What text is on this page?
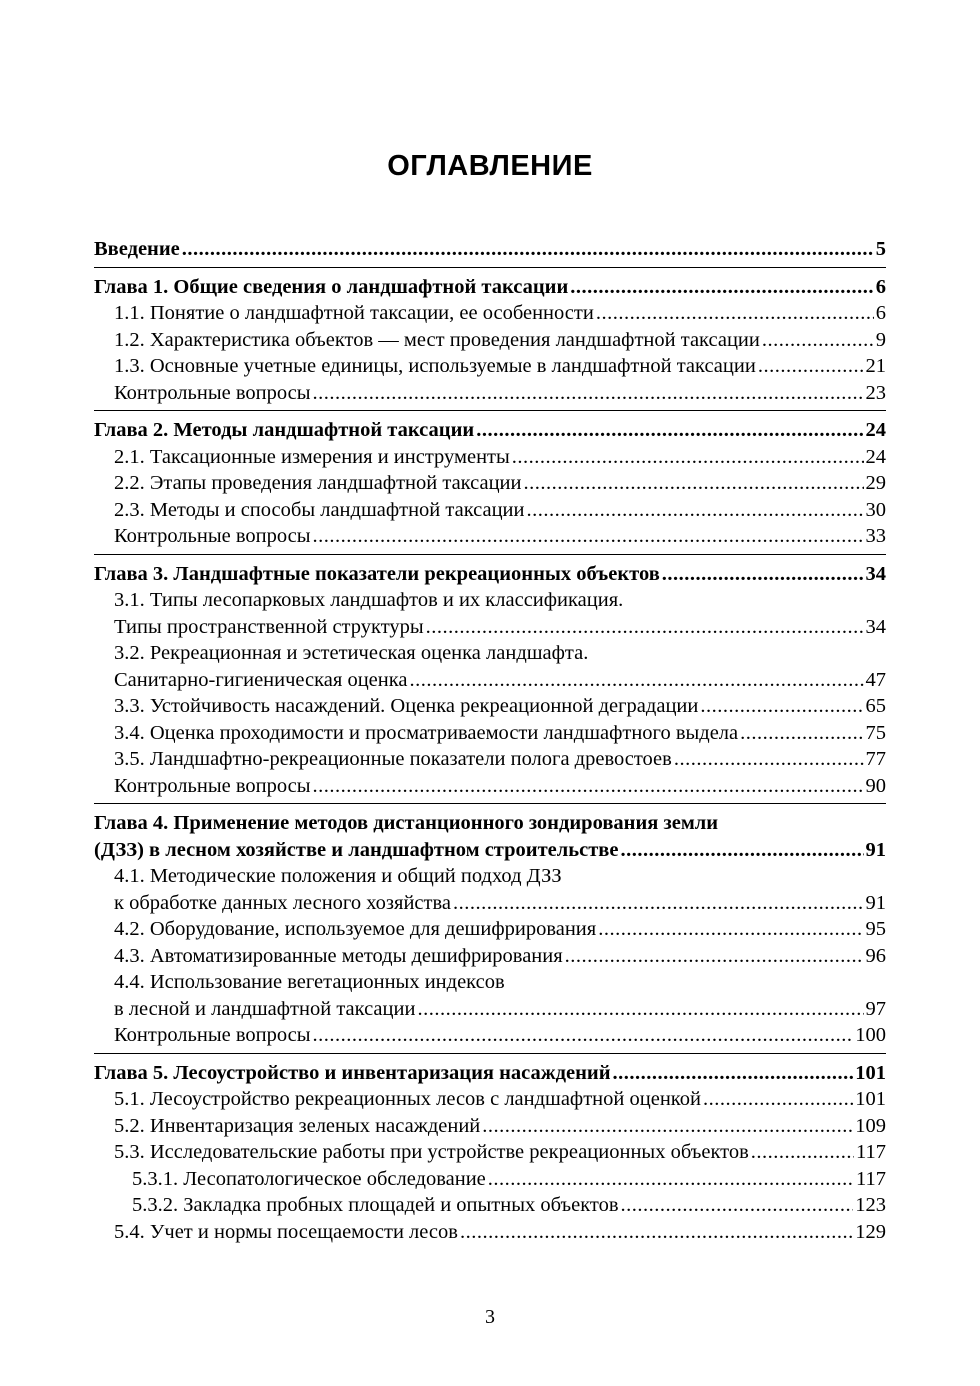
ОГЛАВЛЕНИЕ
Введение .....	5
Глава 1. Общие сведения о ландшафтной таксации .....	6
1.1. Понятие о ландшафтной таксации, ее особенности .....	6
1.2. Характеристика объектов — мест проведения ландшафтной таксации .....	9
1.3. Основные учетные единицы, используемые в ландшафтной таксации .....	21
Контрольные вопросы .....	23
Глава 2. Методы ландшафтной таксации .....	24
2.1. Таксационные измерения и инструменты .....	24
2.2. Этапы проведения ландшафтной таксации .....	29
2.3. Методы и способы ландшафтной таксации .....	30
Контрольные вопросы .....	33
Глава 3. Ландшафтные показатели рекреационных объектов .....	34
3.1. Типы лесопарковых ландшафтов и их классификация.
Типы пространственной структуры .....	34
3.2. Рекреационная и эстетическая оценка ландшафта.
Санитарно-гигиеническая оценка .....	47
3.3. Устойчивость насаждений. Оценка рекреационной деградации .....	65
3.4. Оценка проходимости и просматриваемости ландшафтного выдела .....	75
3.5. Ландшафтно-рекреационные показатели полога древостоев .....	77
Контрольные вопросы .....	90
Глава 4. Применение методов дистанционного зондирования земли
(ДЗЗ) в лесном хозяйстве и ландшафтном строительстве .....	91
4.1. Методические положения и общий подход ДЗЗ
к обработке данных лесного хозяйства .....	91
4.2. Оборудование, используемое для дешифрирования .....	95
4.3. Автоматизированные методы дешифрирования .....	96
4.4. Использование вегетационных индексов
в лесной и ландшафтной таксации .....	97
Контрольные вопросы .....	100
Глава 5. Лесоустройство и инвентаризация насаждений .....	101
5.1. Лесоустройство рекреационных лесов с ландшафтной оценкой .....	101
5.2. Инвентаризация зеленых насаждений .....	109
5.3. Исследовательские работы при устройстве рекреационных объектов .....	117
5.3.1. Лесопатологическое обследование .....	117
5.3.2. Закладка пробных площадей и опытных объектов .....	123
5.4. Учет и нормы посещаемости лесов .....	129
3
